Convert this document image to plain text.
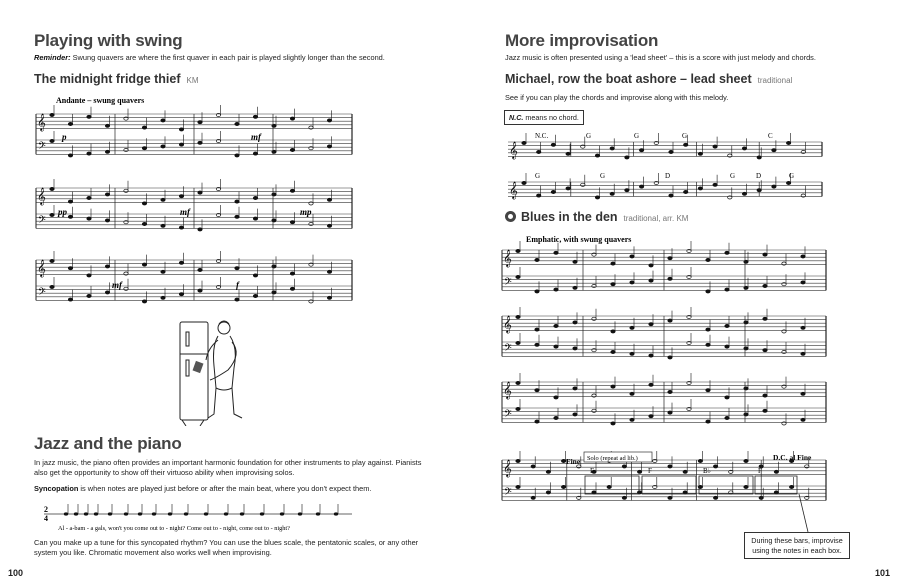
Playing with swing
Reminder: Swung quavers are where the first quaver in each pair is played slightly longer than the second.
The midnight fridge thief KM
Andante – swung quavers
𝄞
𝄢
𝄞
𝄢
𝄞
𝄢
p	mf
pp	mf	mp
mf	f
Jazz and the piano
In jazz music, the piano often provides an important harmonic foundation for other instruments to play against. Pianists also get the opportunity to show off their virtuoso ability when improvising solos.
Syncopation is when notes are played just before or after the main beat, where you don't expect them.
2
4
Al - a-bam - a gals, won't you come out to - night? Come out to - night, come out to - night?
Can you make up a tune for this syncopated rhythm? You can use the blues scale, the pentatonic scales, or any other system you like. Chromatic movement also works well when improvising.
100
More improvisation
Jazz music is often presented using a 'lead sheet' – this is a score with just melody and chords.
Michael, row the boat ashore – lead sheet traditional
See if you can play the chords and improvise along with this melody.
N.C. means no chord.
𝄞
𝄞
N.C.	G	G	G	C
G	G	D	G	D	G
Blues in the den traditional, arr. KM
Emphatic, with swung quavers
𝄞
𝄢
𝄞
𝄢
𝄞
𝄢
𝄞
𝄢
Fine	D.C. al Fine
Solo (repeat ad lib.)
F	F	B♭	F
During these bars, improvise using the notes in each box.
101
